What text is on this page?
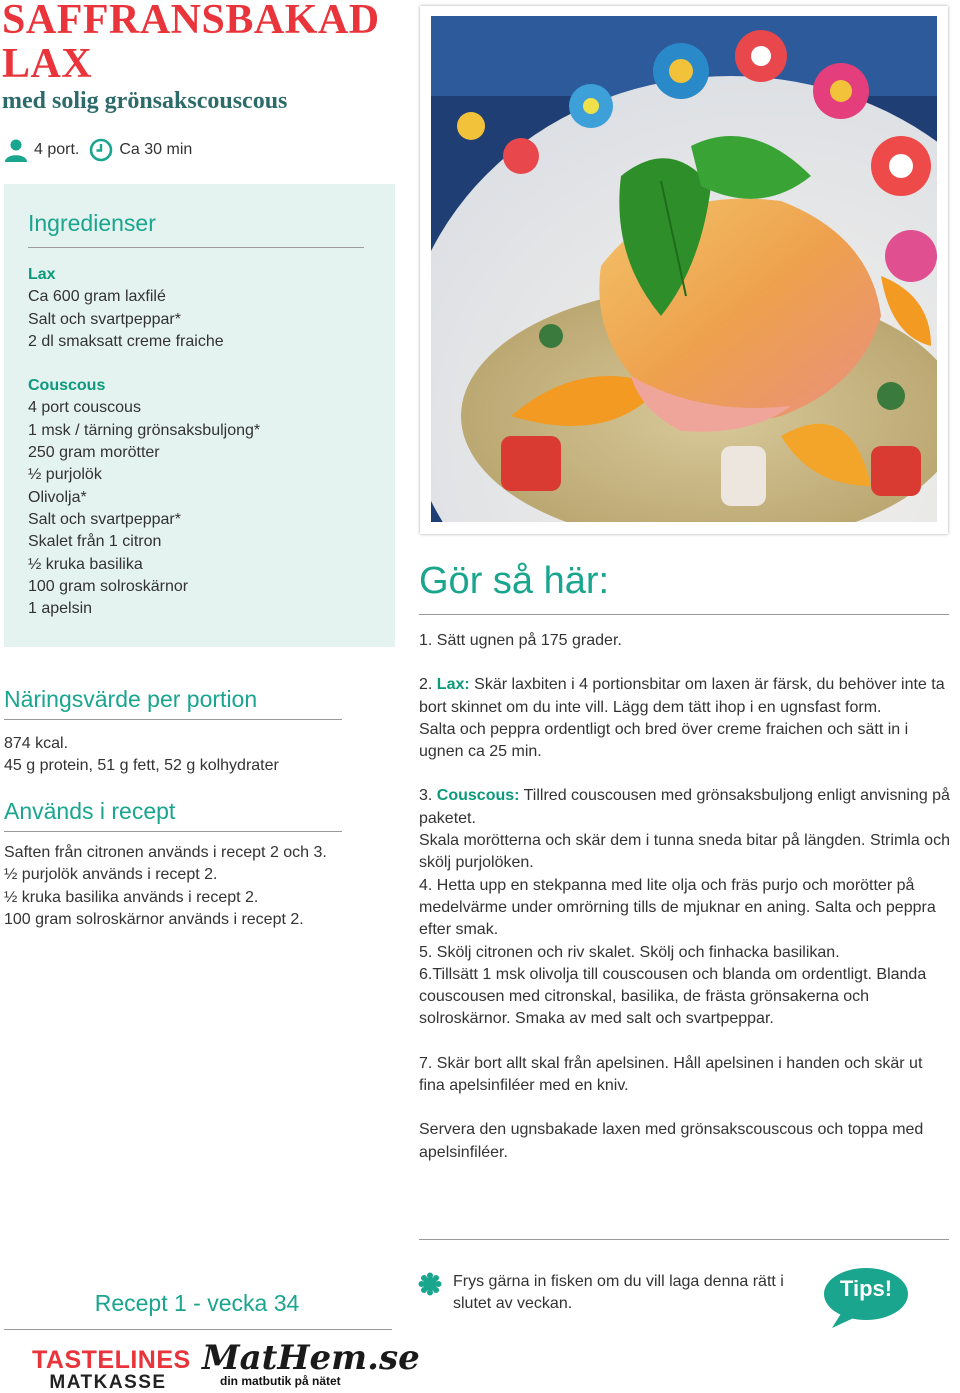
SAFFRANSBAKAD
LAX
med solig grönsakscouscous
4 port.	Ca 30 min
Ingredienser
Lax
Ca 600 gram laxfilé
Salt och svartpeppar*
2 dl smaksatt creme fraiche
Couscous
4 port couscous
1 msk / tärning grönsaksbuljong*
250 gram morötter
½ purjolök
Olivolja*
Salt och svartpeppar*
Skalet från 1 citron
½ kruka basilika
100 gram solroskärnor
1 apelsin
Näringsvärde per portion
874 kcal.
45 g protein, 51 g fett, 52 g kolhydrater
Används i recept
Saften från citronen används i recept 2 och 3.
½ purjolök används i recept 2.
½ kruka basilika används i recept 2.
100 gram solroskärnor används i recept 2.
Gör så här:

1. Sätt ugnen på 175 grader.

2. Lax: Skär laxbiten i 4 portionsbitar om laxen är färsk, du behöver inte ta bort skinnet om du inte vill. Lägg dem tätt ihop i en ugnsfast form.

Salta och peppra ordentligt och bred över creme fraichen och sätt in i ugnen ca 25 min.

3. Couscous: Tillred couscousen med grönsaksbuljong enligt anvisning på paketet.

Skala morötterna och skär dem i tunna sneda bitar på längden. Strimla och skölj purjolöken.

4. Hetta upp en stekpanna med lite olja och fräs purjo och morötter på medelvärme under omrörning tills de mjuknar en aning. Salta och peppra efter smak.

5. Skölj citronen och riv skalet. Skölj och finhacka basilikan.

6.Tillsätt 1 msk olivolja till couscousen och blanda om ordentligt. Blanda couscousen med citronskal, basilika, de frästa grönsakerna och solroskärnor. Smaka av med salt och svartpeppar.

7. Skär bort allt skal från apelsinen. Håll apelsinen i handen och skär ut fina apelsinfiléer med en kniv.

Servera den ugnsbakade laxen med grönsakscouscous och toppa med apelsinfiléer.

Recept 1 - vecka 34
Frys gärna in fisken om du vill laga denna rätt i slutet av veckan.
Tips!
TASTELINES
MATKASSE
MatHem.se
din matbutik på nätet
